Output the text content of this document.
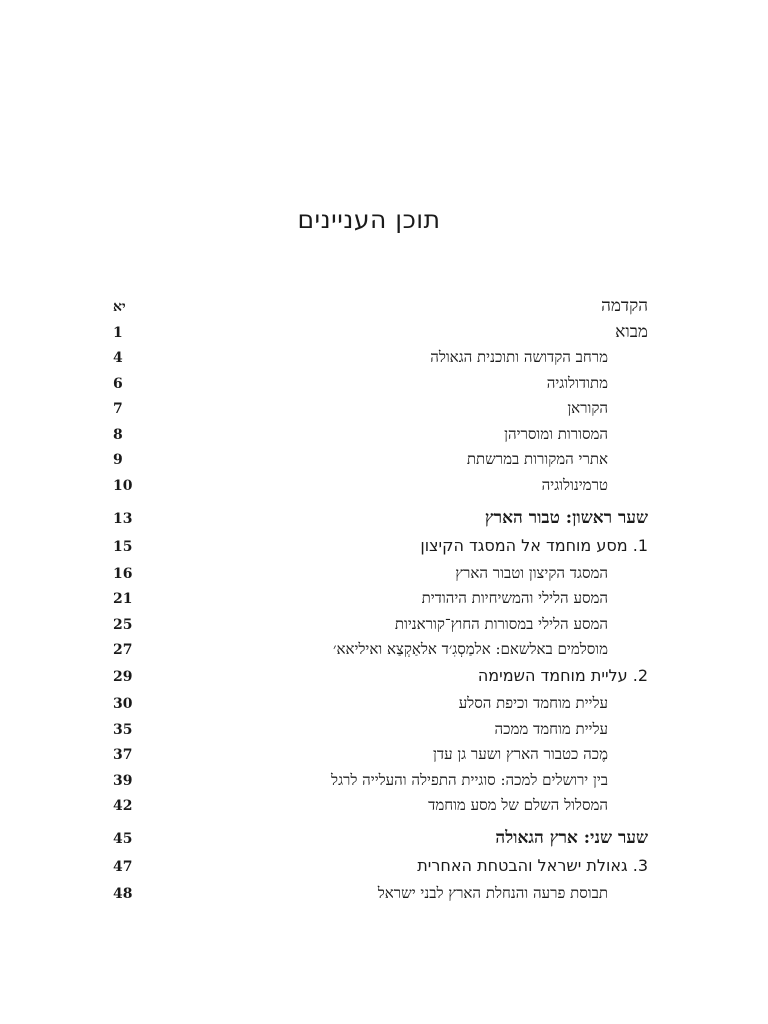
תוכן העניינים
הקדמה
יא
מבוא
1
מרחב הקדושה ותוכנית הגאולה
4
מתודולוגיה
6
הקוראן
7
המסורות ומוסריהן
8
אתרי המקורות במרשתת
9
טרמינולוגיה
10
שער ראשון: טבור הארץ
13
1. מסע מוחמד אל המסגד הקיצון
15
המסגד הקיצון וטבור הארץ
16
המסע הלילי והמשיחיות היהודית
21
המסע הלילי במסורות החוץ־קוראניות
25
מוסלמים באלשאם: אלמַסְגִ׳ד אלאַקְצַא ואיליאא׳
27
2. עליית מוחמד השמימה
29
עליית מוחמד וכיפת הסלע
30
עליית מוחמד ממכה
35
מֶכה כטבור הארץ ושער גן עדן
37
בין ירושלים למכה: סוגיית התפילה והעלייה לרגל
39
המסלול השלם של מסע מוחמד
42
שער שני: ארץ הגאולה
45
3. גאולת ישראל והבטחת האחרית
47
תבוסת פרעה והנחלת הארץ לבני ישראל
48
